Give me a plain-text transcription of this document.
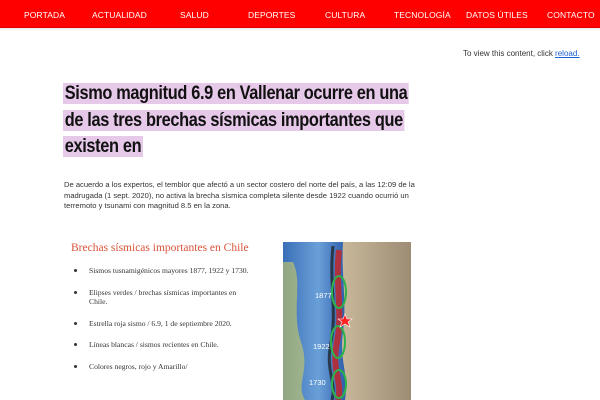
PORTADA	ACTUALIDAD	SALUD	DEPORTES	CULTURA	TECNOLOGÍA DATOS ÚTILES CONTACTO
To view this content, click reload.
Sismo magnitud 6.9 en Vallenar ocurre en una de las tres brechas sísmicas importantes que existen en

De acuerdo a los expertos, el temblor que afectó a un sector costero del norte del país, a las 12:09 de la madrugada (1 sept. 2020), no activa la brecha sísmica completa silente desde 1922 cuando ocurrió un terremoto y tsunami con magnitud 8.5 en la zona.

Brechas sísmicas importantes en Chile
Sismos tusnamigénicos mayores 1877, 1922 y 1730.
Elipses verdes / brechas sísmicas importantes en Chile.
Estrella roja sismo / 6.9, 1 de septiembre 2020.
Líneas blancas / sismos recientes en Chile.
Colores negros, rojo y Amarillo/
1877
1922
1730
